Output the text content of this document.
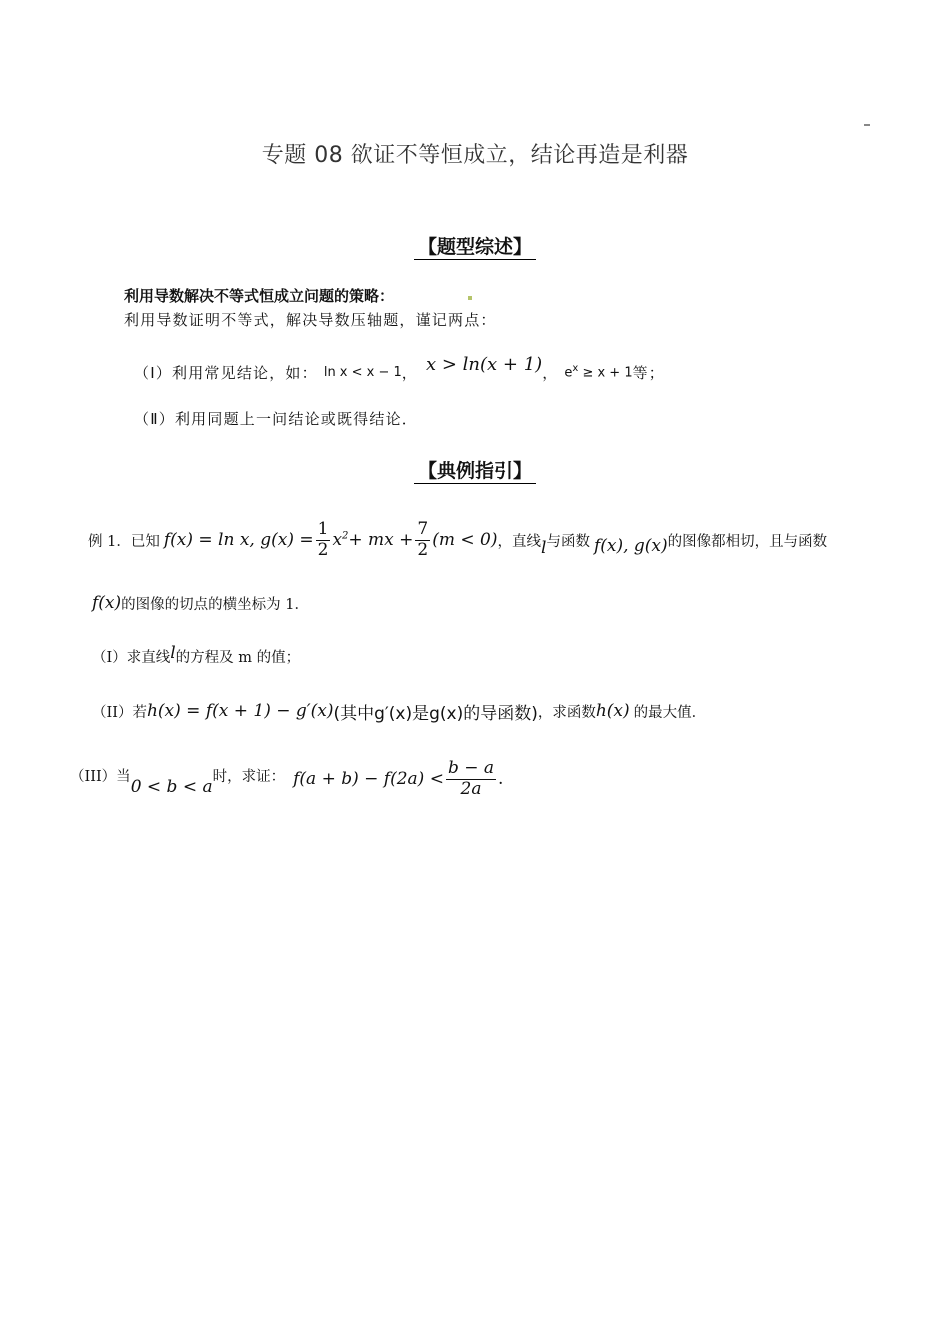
专题 08 欲证不等恒成立，结论再造是利器
【题型综述】
利用导数解决不等式恒成立问题的策略：
利用导数证明不等式，解决导数压轴题，谨记两点：
（Ⅰ）利用常见结论，如： ln x < x − 1 ， x > ln(x + 1) ， $e^x \ge x + 1$ 等；
（Ⅱ）利用同题上一问结论或既得结论．
【典例指引】
例 1．已知 f(x) = ln x, $g(x) = \frac{1}{2} x^2$ + mx + $\frac{7}{2} (m < 0)$ ，直线 l 与函数 f(x), g(x) 的图像都相切，且与函数
f(x) 的图像的切点的横坐标为 1．
（I）求直线 l 的方程及 m 的值；
（II）若 h(x) = f(x + 1) − g′(x) (其中g′(x)是g(x)的导函数) ，求函数 h(x) 的最大值．
（III）当
0 < b < a
时，求证： $f(a + b) - f(2a) < \frac{b - a}{2a}$ .
